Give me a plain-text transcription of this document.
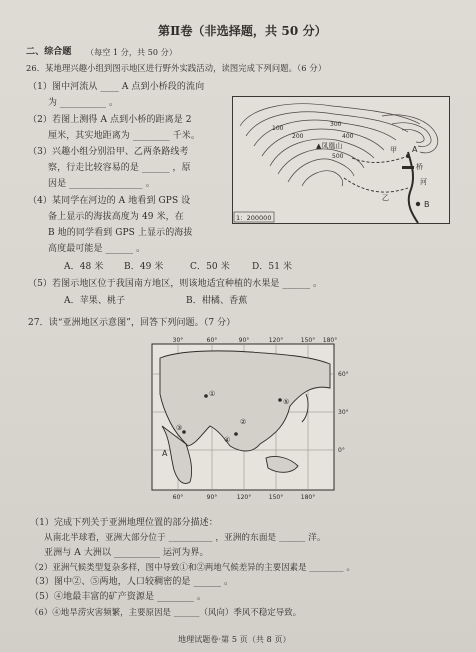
第Ⅱ卷（非选择题，共 50 分）
二、综合题 （每空 1 分，共 50 分）
26．某地理兴趣小组到图示地区进行野外实践活动，读图完成下列问题。（6 分）
（1）图中河流从 ____ A 点到小桥段的流向
为 __________ 。
（2）若图上测得 A 点到小桥的距离是 2
厘米，其实地距离为 ________ 千米。
（3）兴趣小组分别沿甲、乙两条路线考
察，行走比较容易的是 ______ ，原
因是 ________________ 。
（4）某同学在河边的 A 地看到 GPS 设
备上显示的海拔高度为 49 米，在
B 地的同学看到 GPS 上显示的海拔
高度最可能是 ______ 。
A．48 米 B．49 米	C．50 米 D．51 米
（5）若图示地区位于我国南方地区，则该地适宜种植的水果是 ______ 。
A．苹果、桃子	B．柑橘、香蕉
▲凤凰山	A
B
甲
乙
桥
河
100
200
300
400
500
1：200000
27．读“亚洲地区示意图”，回答下列问题。（7 分）
30°	60°	90°	120°	150° 180°
60°	90°	120°	150°	180°
60°
30°
0°
①
②
③
④
⑤
A
（1）完成下列关于亚洲地理位置的部分描述：
从南北半球看，亚洲大部分位于 __________ ，亚洲的东面是 ______ 洋。
亚洲与 A 大洲以 __________ 运河为界。
（2）亚洲气候类型复杂多样，图中导致①和②两地气候差异的主要因素是 ________ 。
（3）图中②、⑤两地，人口较稠密的是 ______ 。
（5）④地最丰富的矿产资源是 ________ 。
（6）④地旱涝灾害频繁，主要原因是 ______（风向）季风不稳定导致。
地理试题卷·第 5 页（共 8 页）
